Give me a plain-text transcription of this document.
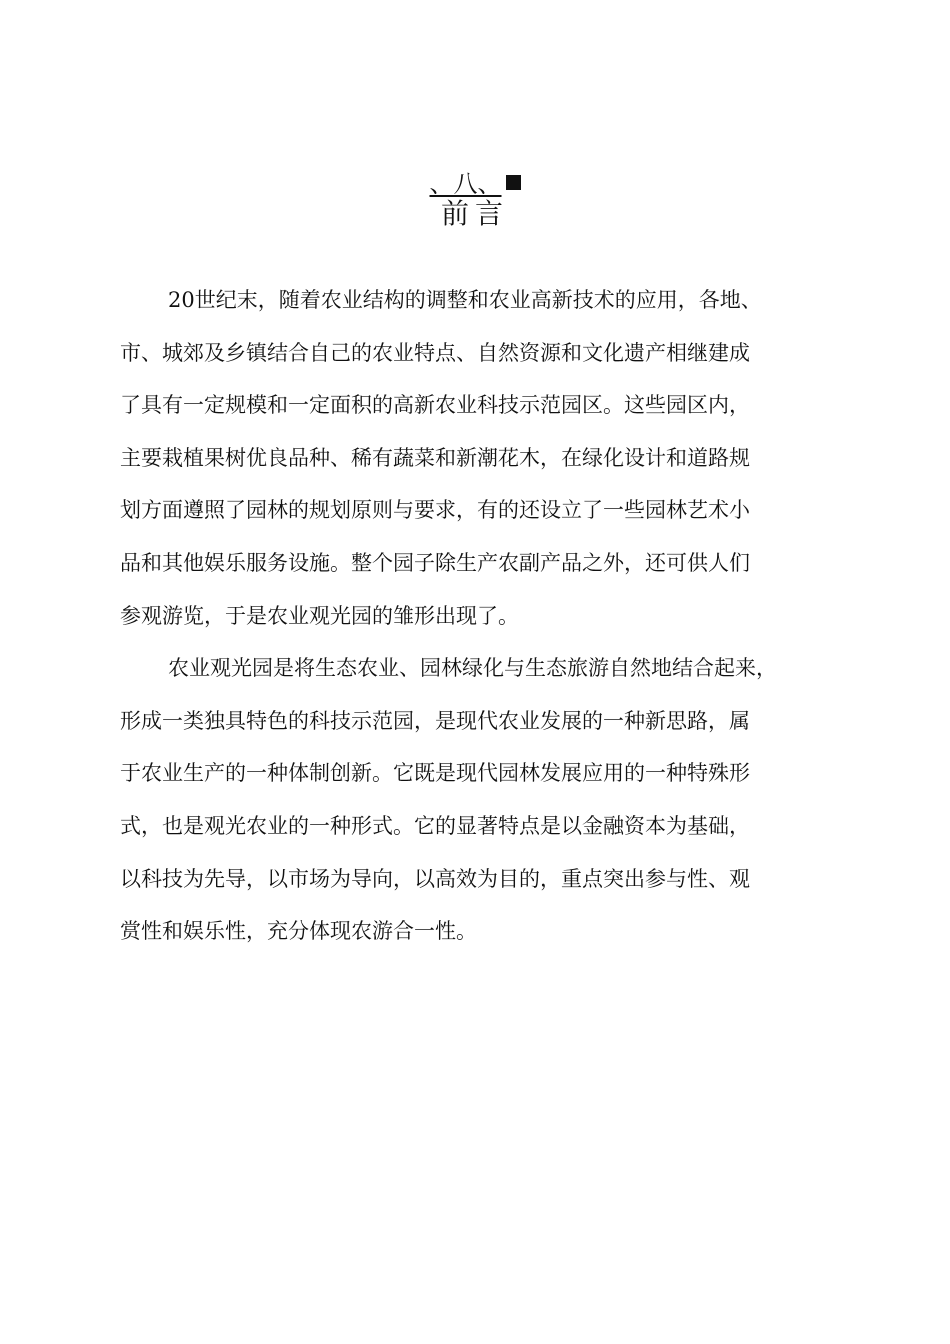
、八、
前言
20世纪末，随着农业结构的调整和农业高新技术的应用，各地、
市、城郊及乡镇结合自己的农业特点、自然资源和文化遗产相继建成
了具有一定规模和一定面积的高新农业科技示范园区。这些园区内，
主要栽植果树优良品种、稀有蔬菜和新潮花木，在绿化设计和道路规
划方面遵照了园林的规划原则与要求，有的还设立了一些园林艺术小
品和其他娱乐服务设施。整个园子除生产农副产品之外，还可供人们
参观游览，于是农业观光园的雏形出现了。
农业观光园是将生态农业、园林绿化与生态旅游自然地结合起来，
形成一类独具特色的科技示范园，是现代农业发展的一种新思路，属
于农业生产的一种体制创新。它既是现代园林发展应用的一种特殊形
式，也是观光农业的一种形式。它的显著特点是以金融资本为基础，
以科技为先导，以市场为导向，以高效为目的，重点突出参与性、观
赏性和娱乐性，充分体现农游合一性。
